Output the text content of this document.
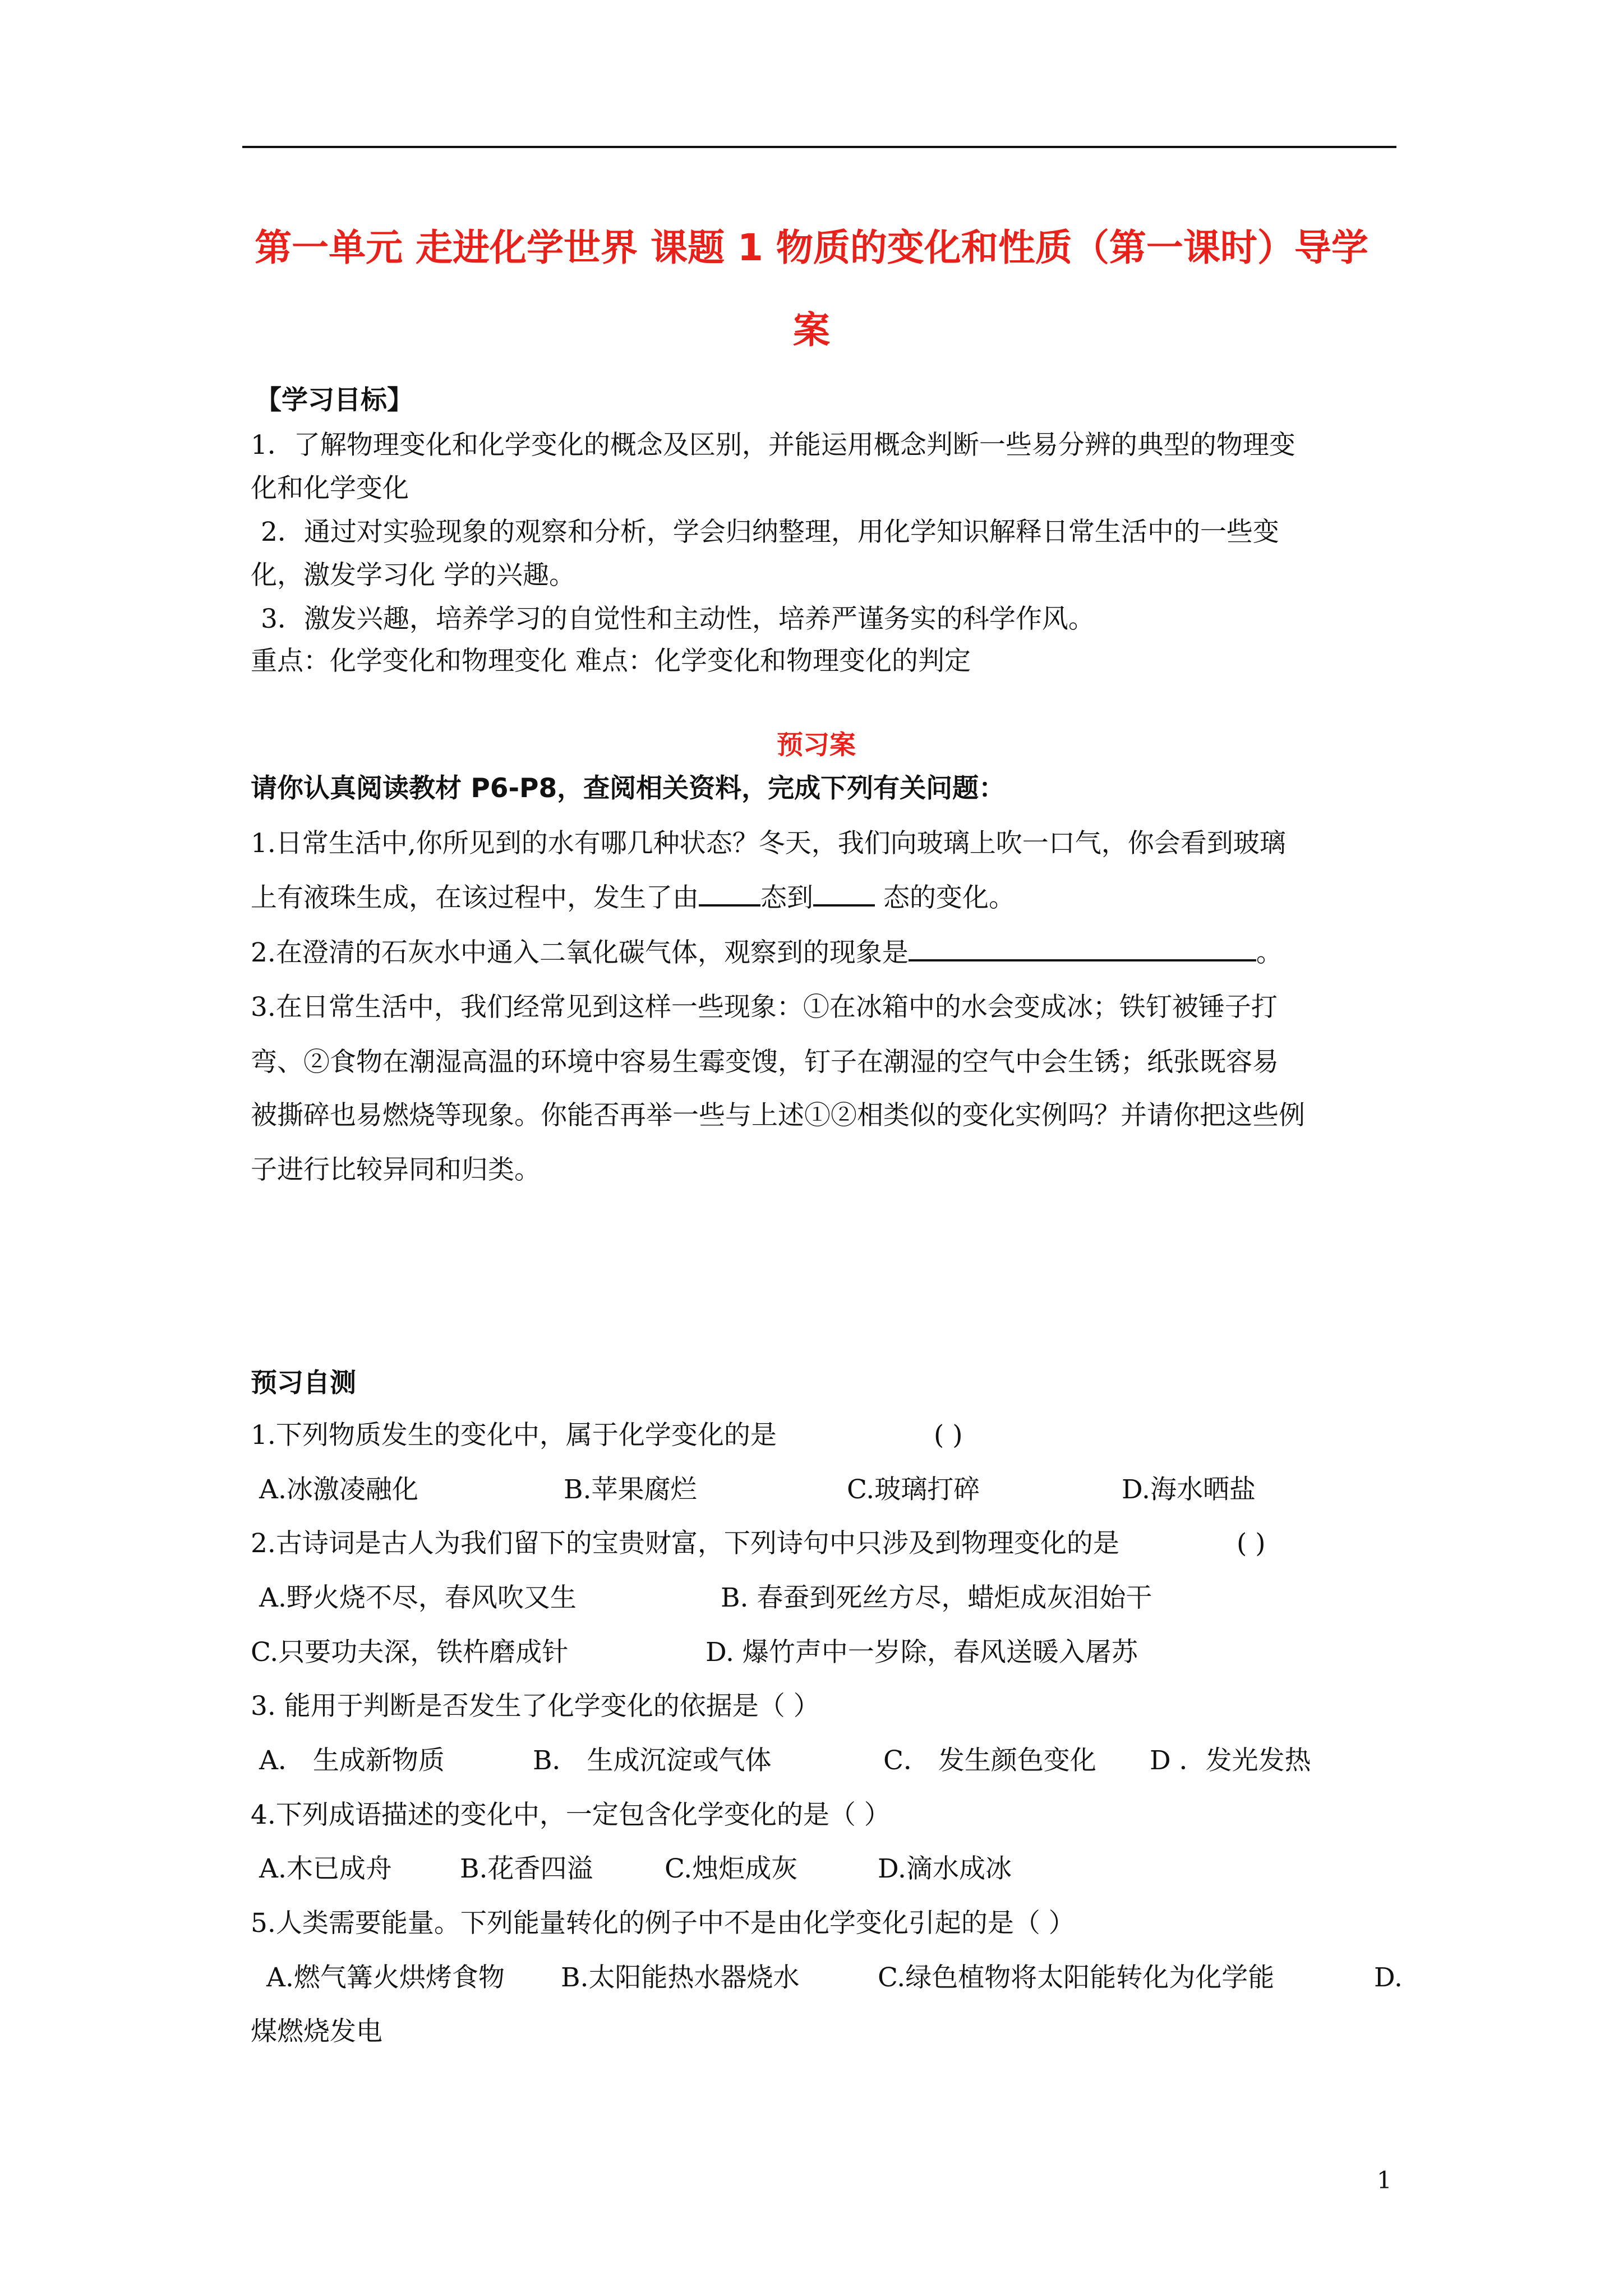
第一单元 走进化学世界 课题 1 物质的变化和性质（第一课时）导学
案
【学习目标】
1．了解物理变化和化学变化的概念及区别，并能运用概念判断一些易分辨的典型的物理变
化和化学变化
2．通过对实验现象的观察和分析，学会归纳整理，用化学知识解释日常生活中的一些变
化，激发学习化 学的兴趣。
3．激发兴趣，培养学习的自觉性和主动性，培养严谨务实的科学作风。
重点：化学变化和物理变化 难点：化学变化和物理变化的判定
预习案
请你认真阅读教材 P6-P8，查阅相关资料，完成下列有关问题：
1.日常生活中,你所见到的水有哪几种状态？冬天，我们向玻璃上吹一口气，你会看到玻璃
上有液珠生成，在该过程中，发生了由 态到 态的变化。
2.在澄清的石灰水中通入二氧化碳气体，观察到的现象是	。
3.在日常生活中，我们经常见到这样一些现象：①在冰箱中的水会变成冰；铁钉被锤子打
弯、②食物在潮湿高温的环境中容易生霉变馊，钉子在潮湿的空气中会生锈；纸张既容易
被撕碎也易燃烧等现象。你能否再举一些与上述①②相类似的变化实例吗？并请你把这些例
子进行比较异同和归类。
预习自测
1.下列物质发生的变化中，属于化学变化的是	( )
A.冰激凌融化	B.苹果腐烂	C.玻璃打碎	D.海水晒盐
2.古诗词是古人为我们留下的宝贵财富，下列诗句中只涉及到物理变化的是	( )
A.野火烧不尽，春风吹又生	B. 春蚕到死丝方尽，蜡炬成灰泪始干
C.只要功夫深，铁杵磨成针	D. 爆竹声中一岁除，春风送暖入屠苏
3. 能用于判断是否发生了化学变化的依据是（ ）
A． 生成新物质	B． 生成沉淀或气体	C． 发生颜色变化 D ．发光发热
4.下列成语描述的变化中，一定包含化学变化的是（ ）
A.木已成舟	B.花香四溢	C.烛炬成灰	D.滴水成冰
5.人类需要能量。下列能量转化的例子中不是由化学变化引起的是（ ）
A.燃气篝火烘烤食物 B.太阳能热水器烧水	C.绿色植物将太阳能转化为化学能	D.
煤燃烧发电
1
